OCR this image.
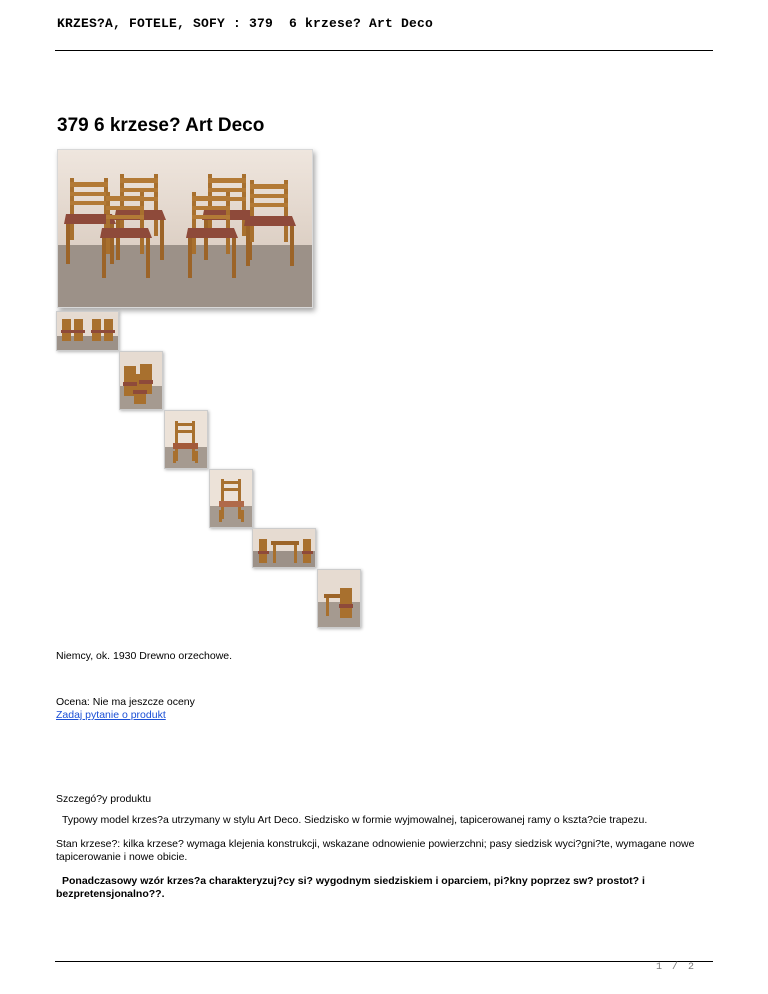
KRZES?A, FOTELE, SOFY : 379  6 krzese? Art Deco
379 6 krzese? Art Deco

Niemcy, ok. 1930 Drewno orzechowe.

Ocena: Nie ma jeszcze oceny

Zadaj pytanie o produkt

Szczegó?y produktu

Typowy model krzes?a utrzymany w stylu Art Deco. Siedzisko w formie wyjmowalnej, tapicerowanej ramy o kszta?cie trapezu.

Stan krzese?: kilka krzese? wymaga klejenia konstrukcji, wskazane odnowienie powierzchni; pasy siedzisk wyci?gni?te, wymagane nowe tapicerowanie i nowe obicie.

Ponadczasowy wzór krzes?a charakteryzuj?cy si? wygodnym siedziskiem i oparciem, pi?kny poprzez sw? prostot? i bezpretensjonalno??.

1 / 2
